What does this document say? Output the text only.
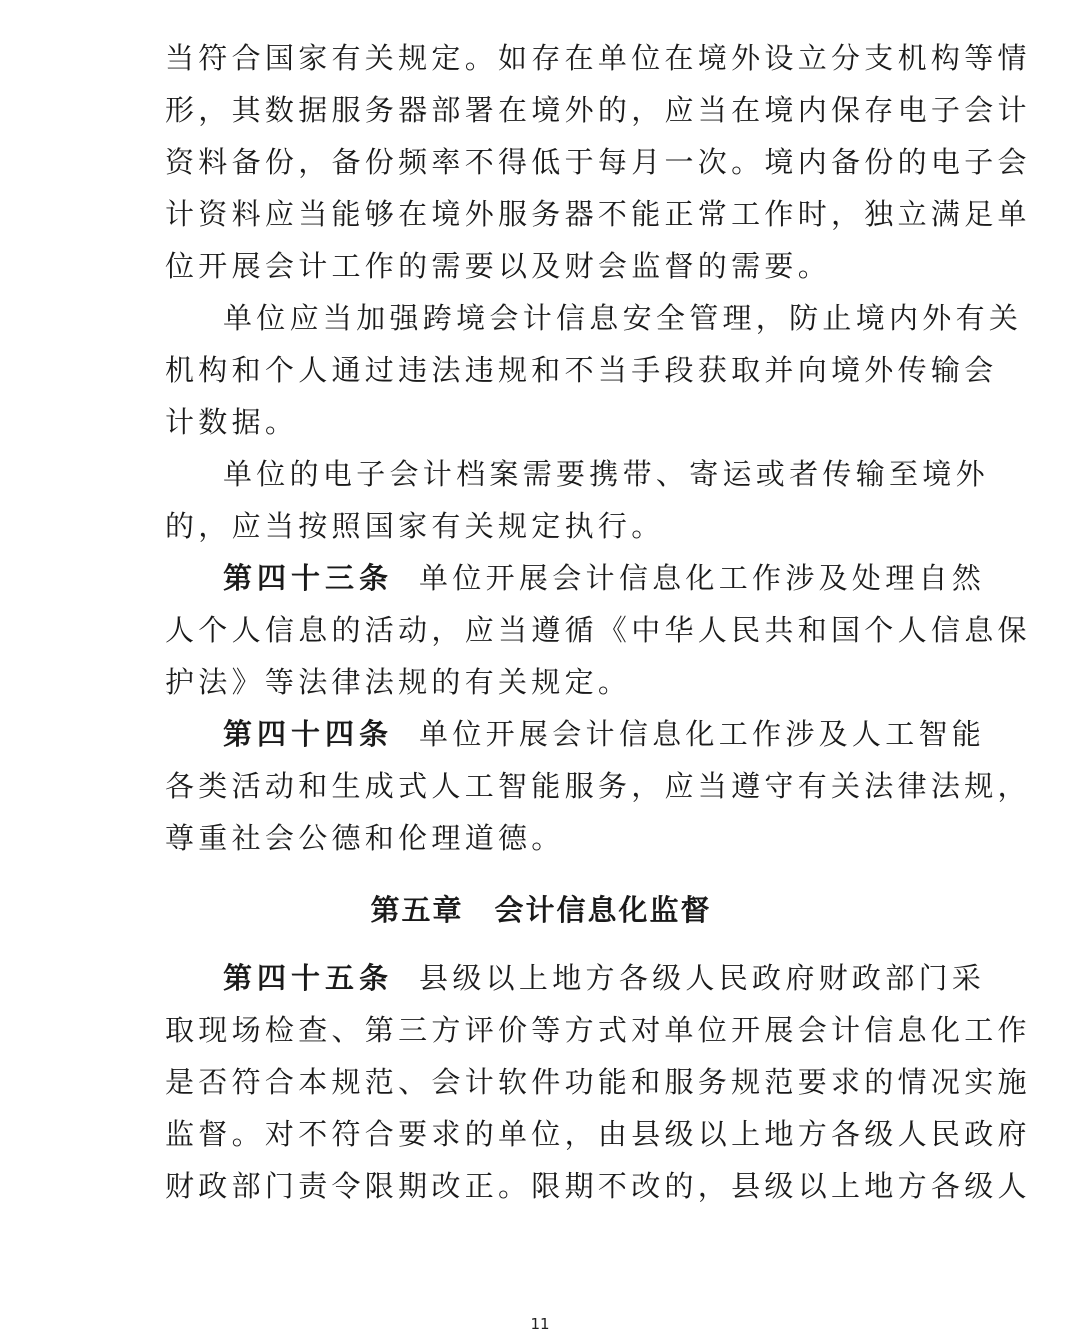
当符合国家有关规定。如存在单位在境外设立分支机构等情
形，其数据服务器部署在境外的，应当在境内保存电子会计
资料备份，备份频率不得低于每月一次。境内备份的电子会
计资料应当能够在境外服务器不能正常工作时，独立满足单
位开展会计工作的需要以及财会监督的需要。
单位应当加强跨境会计信息安全管理，防止境内外有关
机构和个人通过违法违规和不当手段获取并向境外传输会
计数据。
单位的电子会计档案需要携带、寄运或者传输至境外
的，应当按照国家有关规定执行。
第四十三条 单位开展会计信息化工作涉及处理自然
人个人信息的活动，应当遵循《中华人民共和国个人信息保
护法》等法律法规的有关规定。
第四十四条 单位开展会计信息化工作涉及人工智能
各类活动和生成式人工智能服务，应当遵守有关法律法规，
尊重社会公德和伦理道德。
第五章　会计信息化监督
第四十五条 县级以上地方各级人民政府财政部门采
取现场检查、第三方评价等方式对单位开展会计信息化工作
是否符合本规范、会计软件功能和服务规范要求的情况实施
监督。对不符合要求的单位，由县级以上地方各级人民政府
财政部门责令限期改正。限期不改的，县级以上地方各级人
11
